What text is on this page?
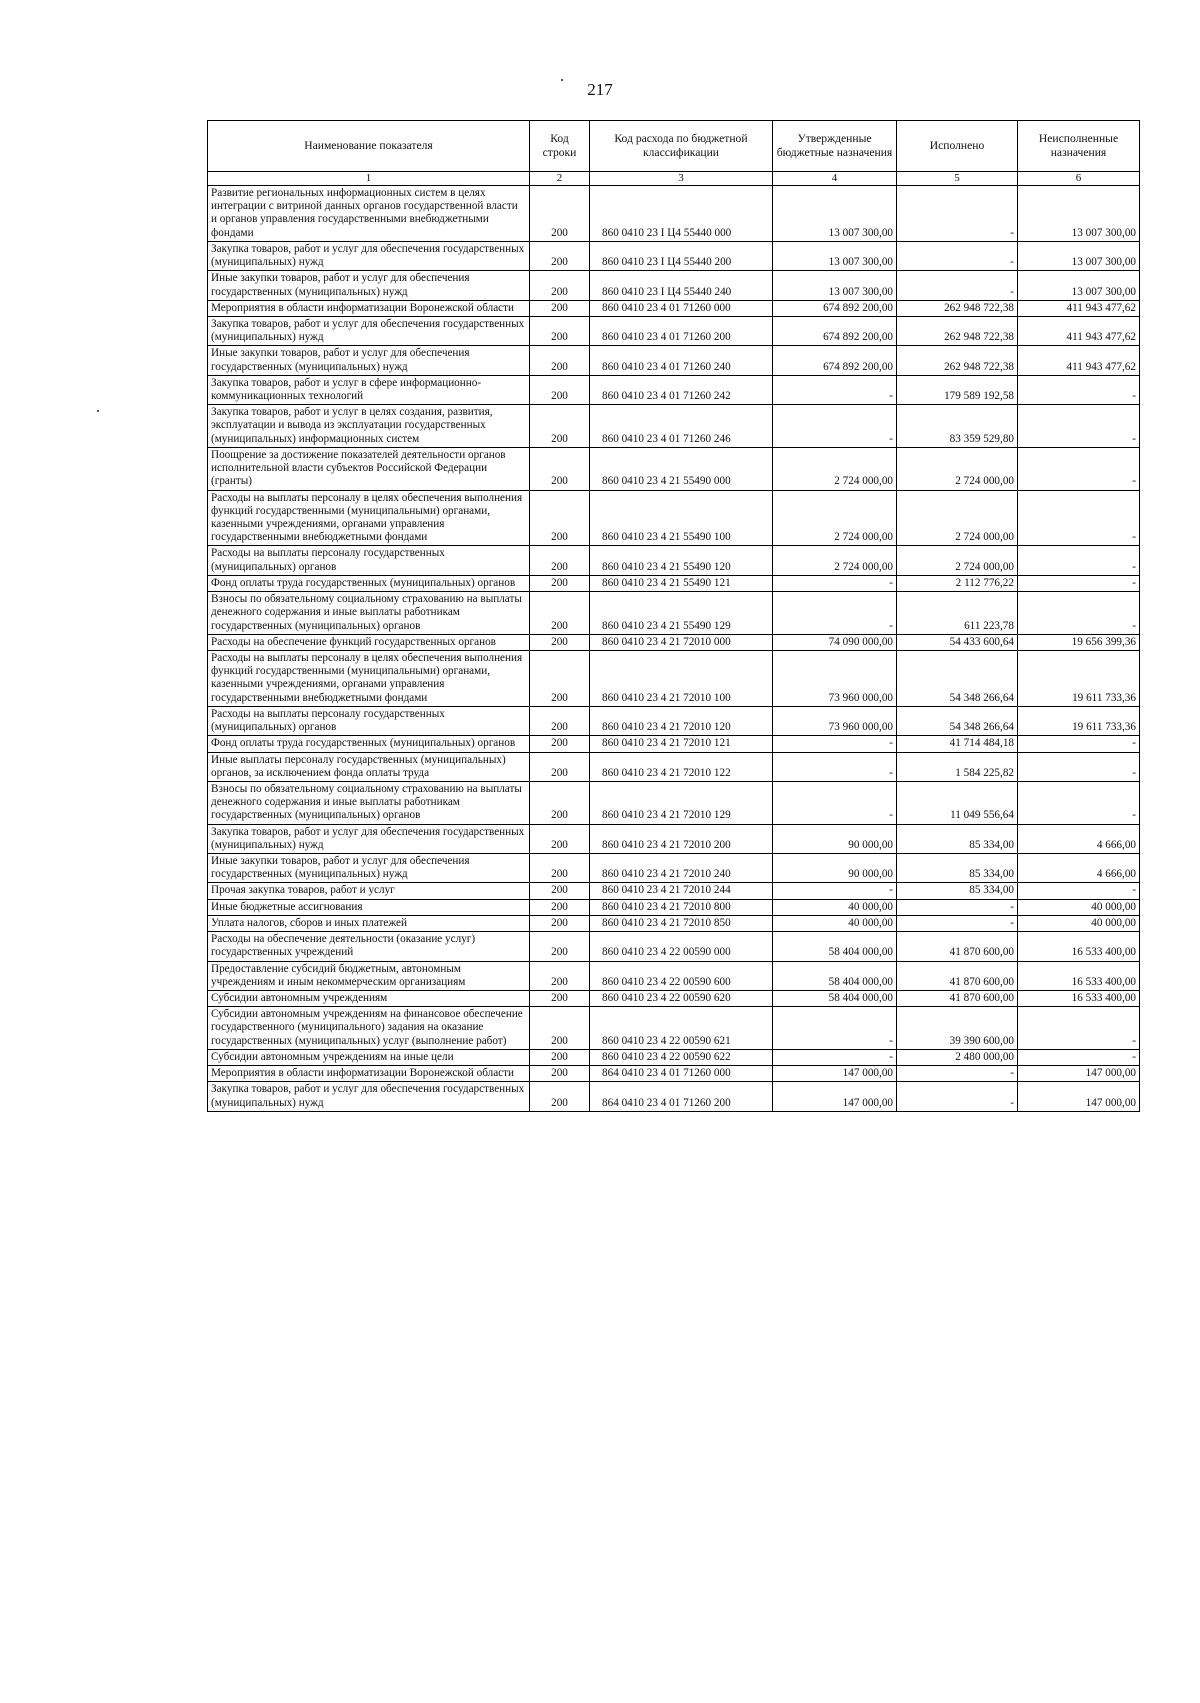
217
Наименование показателя	Код строки	Код расхода по бюджетной классификации	Утвержденные бюджетные назначения	Исполнено	Неисполненные назначения
1	2	3	4	5	6
Развитие региональных информационных систем в целях интеграции с витриной данных органов государственной власти и органов управления государственными внебюджетными фондами	200	860 0410 23 I Ц4 55440 000	13 007 300,00	-	13 007 300,00
Закупка товаров, работ и услуг для обеспечения государственных (муниципальных) нужд	200	860 0410 23 I Ц4 55440 200	13 007 300,00	-	13 007 300,00
Иные закупки товаров, работ и услуг для обеспечения государственных (муниципальных) нужд	200	860 0410 23 I Ц4 55440 240	13 007 300,00	-	13 007 300,00
Мероприятия в области информатизации Воронежской области	200	860 0410 23 4 01 71260 000	674 892 200,00	262 948 722,38	411 943 477,62
Закупка товаров, работ и услуг для обеспечения государственных (муниципальных) нужд	200	860 0410 23 4 01 71260 200	674 892 200,00	262 948 722,38	411 943 477,62
Иные закупки товаров, работ и услуг для обеспечения государственных (муниципальных) нужд	200	860 0410 23 4 01 71260 240	674 892 200,00	262 948 722,38	411 943 477,62
Закупка товаров, работ и услуг в сфере информационно-коммуникационных технологий	200	860 0410 23 4 01 71260 242	-	179 589 192,58	-
Закупка товаров, работ и услуг в целях создания, развития, эксплуатации и вывода из эксплуатации государственных (муниципальных) информационных систем	200	860 0410 23 4 01 71260 246	-	83 359 529,80	-
Поощрение за достижение показателей деятельности органов исполнительной власти субъектов Российской Федерации (гранты)	200	860 0410 23 4 21 55490 000	2 724 000,00	2 724 000,00	-
Расходы на выплаты персоналу в целях обеспечения выполнения функций государственными (муниципальными) органами, казенными учреждениями, органами управления государственными внебюджетными фондами	200	860 0410 23 4 21 55490 100	2 724 000,00	2 724 000,00	-
Расходы на выплаты персоналу государственных (муниципальных) органов	200	860 0410 23 4 21 55490 120	2 724 000,00	2 724 000,00	-
Фонд оплаты труда государственных (муниципальных) органов	200	860 0410 23 4 21 55490 121	-	2 112 776,22	-
Взносы по обязательному социальному страхованию на выплаты денежного содержания и иные выплаты работникам государственных (муниципальных) органов	200	860 0410 23 4 21 55490 129	-	611 223,78	-
Расходы на обеспечение функций государственных органов	200	860 0410 23 4 21 72010 000	74 090 000,00	54 433 600,64	19 656 399,36
Расходы на выплаты персоналу в целях обеспечения выполнения функций государственными (муниципальными) органами, казенными учреждениями, органами управления государственными внебюджетными фондами	200	860 0410 23 4 21 72010 100	73 960 000,00	54 348 266,64	19 611 733,36
Расходы на выплаты персоналу государственных (муниципальных) органов	200	860 0410 23 4 21 72010 120	73 960 000,00	54 348 266,64	19 611 733,36
Фонд оплаты труда государственных (муниципальных) органов	200	860 0410 23 4 21 72010 121	-	41 714 484,18	-
Иные выплаты персоналу государственных (муниципальных) органов, за исключением фонда оплаты труда	200	860 0410 23 4 21 72010 122	-	1 584 225,82	-
Взносы по обязательному социальному страхованию на выплаты денежного содержания и иные выплаты работникам государственных (муниципальных) органов	200	860 0410 23 4 21 72010 129	-	11 049 556,64	-
Закупка товаров, работ и услуг для обеспечения государственных (муниципальных) нужд	200	860 0410 23 4 21 72010 200	90 000,00	85 334,00	4 666,00
Иные закупки товаров, работ и услуг для обеспечения государственных (муниципальных) нужд	200	860 0410 23 4 21 72010 240	90 000,00	85 334,00	4 666,00
Прочая закупка товаров, работ и услуг	200	860 0410 23 4 21 72010 244	-	85 334,00	-
Иные бюджетные ассигнования	200	860 0410 23 4 21 72010 800	40 000,00	-	40 000,00
Уплата налогов, сборов и иных платежей	200	860 0410 23 4 21 72010 850	40 000,00	-	40 000,00
Расходы на обеспечение деятельности (оказание услуг) государственных учреждений	200	860 0410 23 4 22 00590 000	58 404 000,00	41 870 600,00	16 533 400,00
Предоставление субсидий бюджетным, автономным учреждениям и иным некоммерческим организациям	200	860 0410 23 4 22 00590 600	58 404 000,00	41 870 600,00	16 533 400,00
Субсидии автономным учреждениям	200	860 0410 23 4 22 00590 620	58 404 000,00	41 870 600,00	16 533 400,00
Субсидии автономным учреждениям на финансовое обеспечение государственного (муниципального) задания на оказание государственных (муниципальных) услуг (выполнение работ)	200	860 0410 23 4 22 00590 621	-	39 390 600,00	-
Субсидии автономным учреждениям на иные цели	200	860 0410 23 4 22 00590 622	-	2 480 000,00	-
Мероприятия в области информатизации Воронежской области	200	864 0410 23 4 01 71260 000	147 000,00	-	147 000,00
Закупка товаров, работ и услуг для обеспечения государственных (муниципальных) нужд	200	864 0410 23 4 01 71260 200	147 000,00	-	147 000,00
